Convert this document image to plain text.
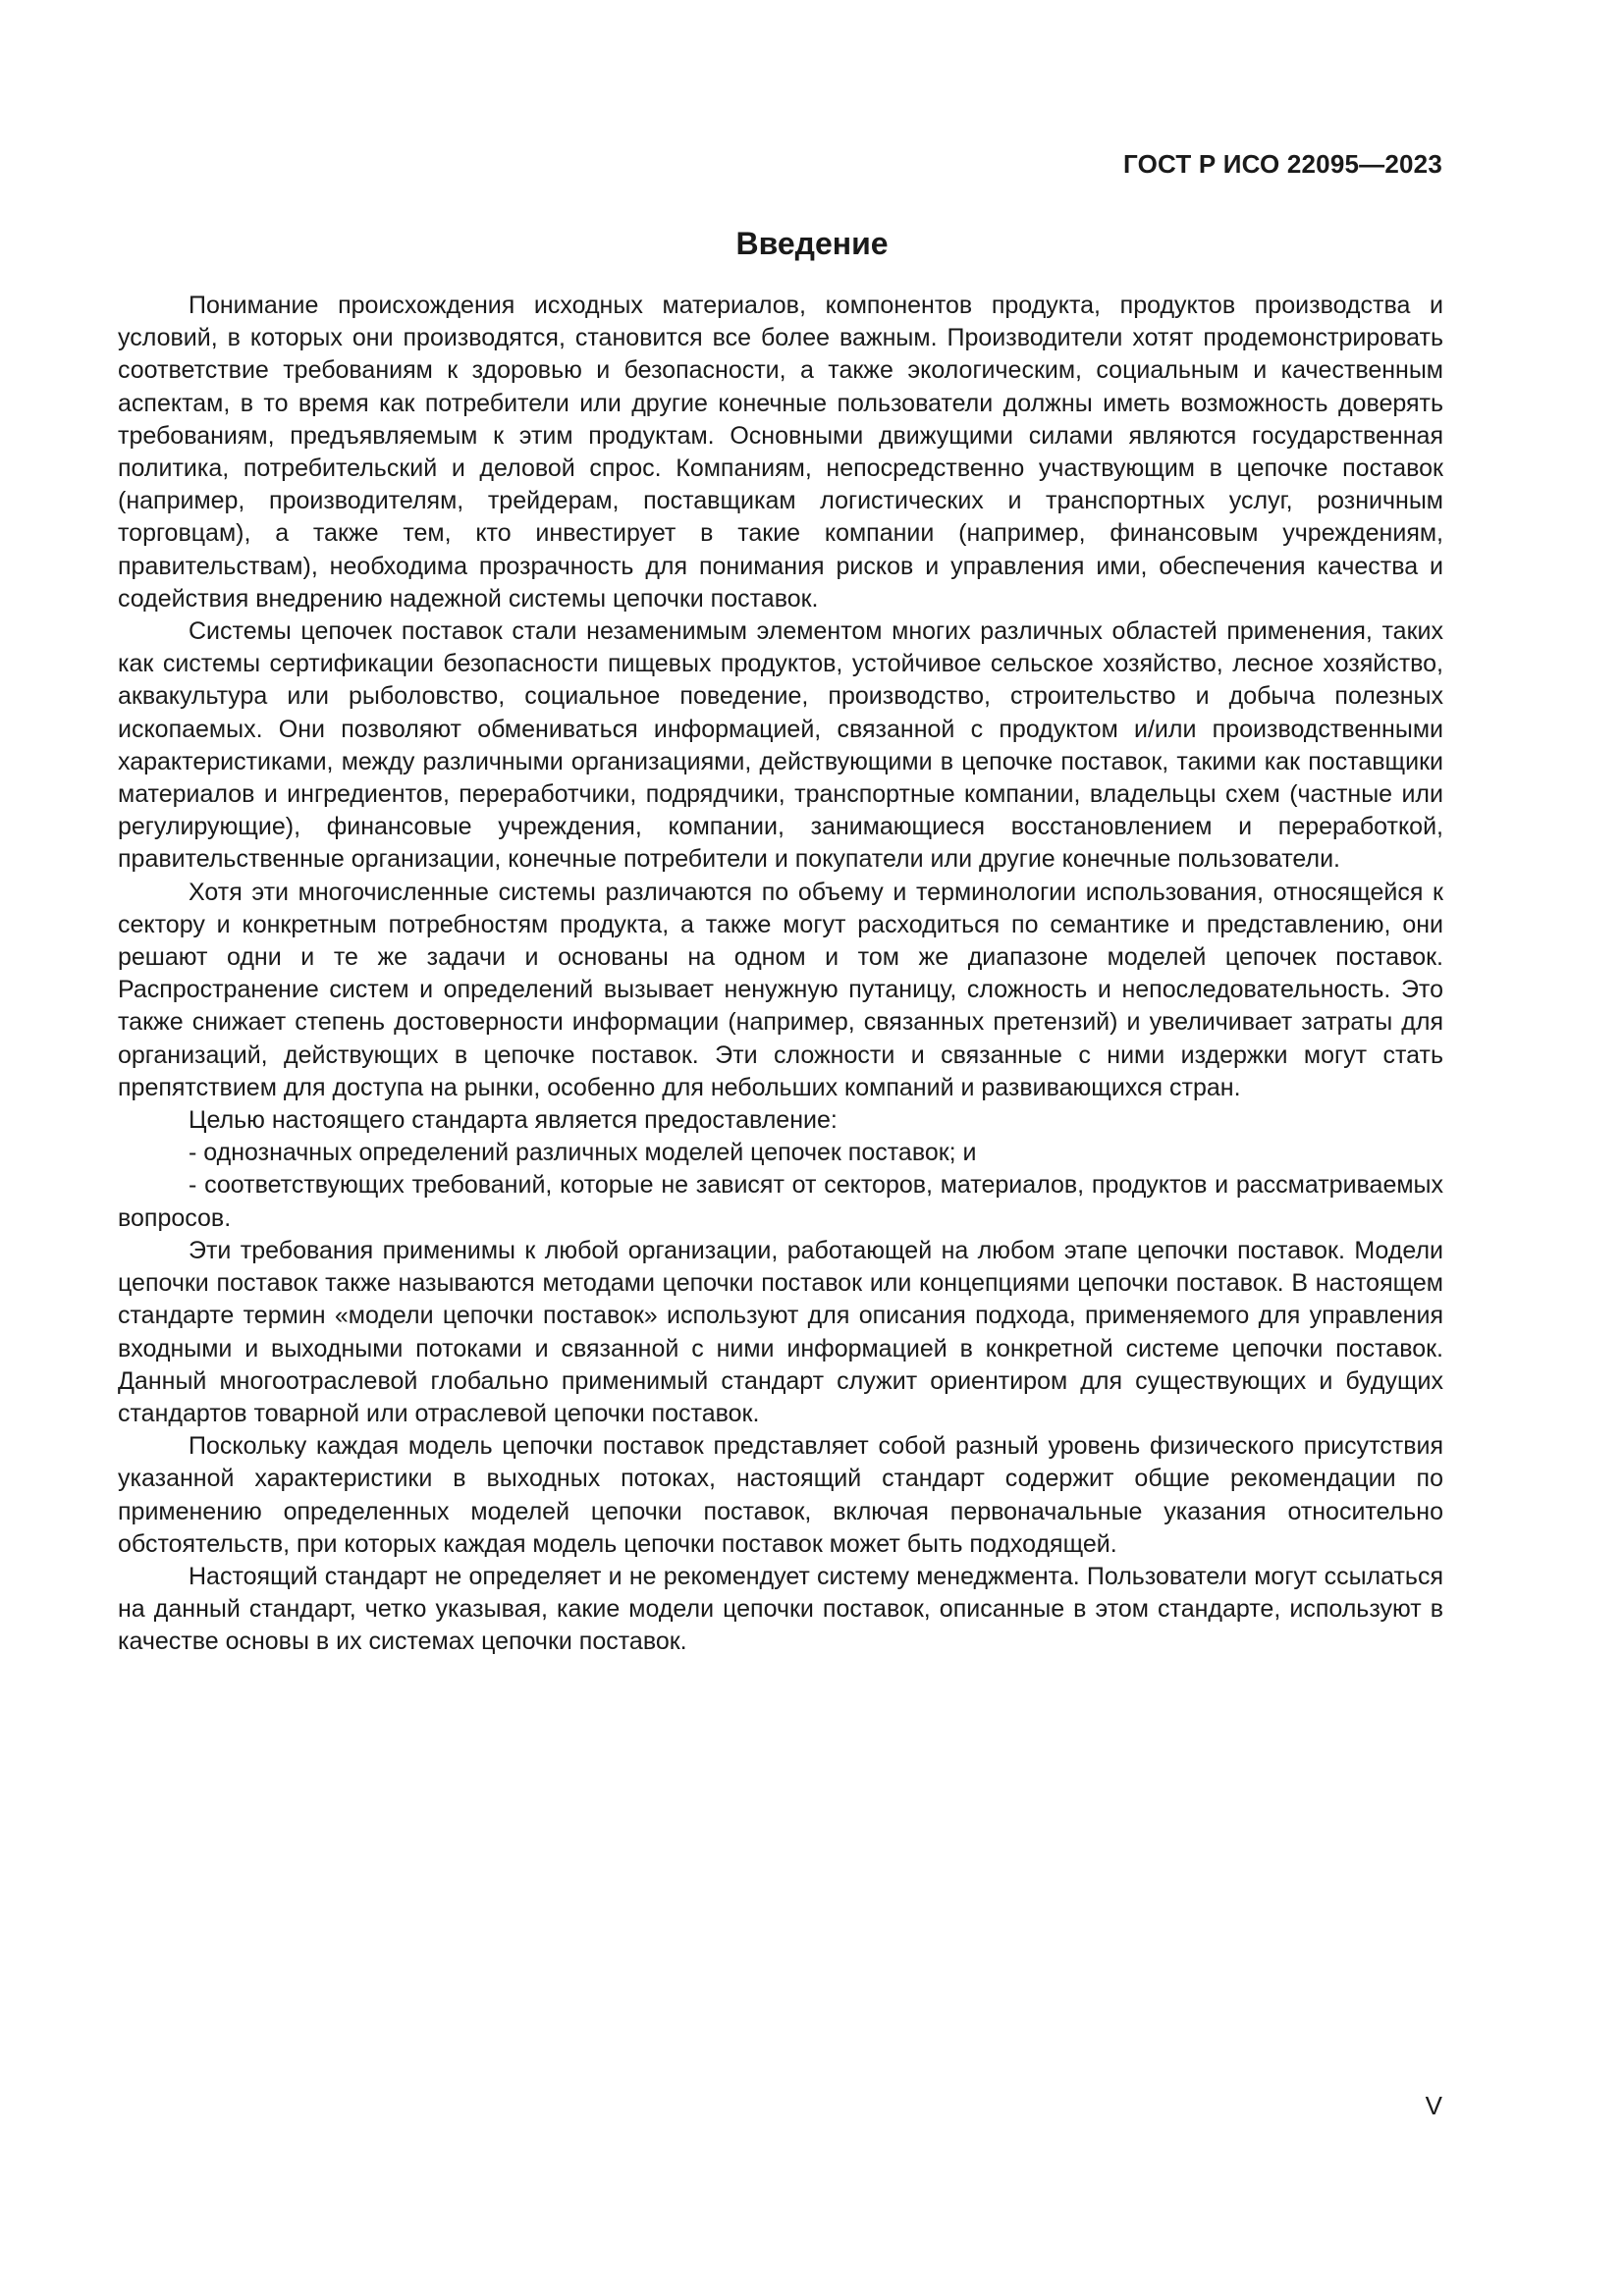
ГОСТ Р ИСО 22095—2023

Введение

Понимание происхождения исходных материалов, компонентов продукта, продуктов производства и условий, в которых они производятся, становится все более важным. Производители хотят продемонстрировать соответствие требованиям к здоровью и безопасности, а также экологическим, социальным и качественным аспектам, в то время как потребители или другие конечные пользователи должны иметь возможность доверять требованиям, предъявляемым к этим продуктам. Основными движущими силами являются государственная политика, потребительский и деловой спрос. Компаниям, непосредственно участвующим в цепочке поставок (например, производителям, трейдерам, поставщикам логистических и транспортных услуг, розничным торговцам), а также тем, кто инвестирует в такие компании (например, финансовым учреждениям, правительствам), необходима прозрачность для понимания рисков и управления ими, обеспечения качества и содействия внедрению надежной системы цепочки поставок.

Системы цепочек поставок стали незаменимым элементом многих различных областей применения, таких как системы сертификации безопасности пищевых продуктов, устойчивое сельское хозяйство, лесное хозяйство, аквакультура или рыболовство, социальное поведение, производство, строительство и добыча полезных ископаемых. Они позволяют обмениваться информацией, связанной с продуктом и/или производственными характеристиками, между различными организациями, действующими в цепочке поставок, такими как поставщики материалов и ингредиентов, переработчики, подрядчики, транспортные компании, владельцы схем (частные или регулирующие), финансовые учреждения, компании, занимающиеся восстановлением и переработкой, правительственные организации, конечные потребители и покупатели или другие конечные пользователи.

Хотя эти многочисленные системы различаются по объему и терминологии использования, относящейся к сектору и конкретным потребностям продукта, а также могут расходиться по семантике и представлению, они решают одни и те же задачи и основаны на одном и том же диапазоне моделей цепочек поставок. Распространение систем и определений вызывает ненужную путаницу, сложность и непоследовательность. Это также снижает степень достоверности информации (например, связанных претензий) и увеличивает затраты для организаций, действующих в цепочке поставок. Эти сложности и связанные с ними издержки могут стать препятствием для доступа на рынки, особенно для небольших компаний и развивающихся стран.

Целью настоящего стандарта является предоставление:

- однозначных определений различных моделей цепочек поставок; и

- соответствующих требований, которые не зависят от секторов, материалов, продуктов и рассматриваемых вопросов.

Эти требования применимы к любой организации, работающей на любом этапе цепочки поставок. Модели цепочки поставок также называются методами цепочки поставок или концепциями цепочки поставок. В настоящем стандарте термин «модели цепочки поставок» используют для описания подхода, применяемого для управления входными и выходными потоками и связанной с ними информацией в конкретной системе цепочки поставок. Данный многоотраслевой глобально применимый стандарт служит ориентиром для существующих и будущих стандартов товарной или отраслевой цепочки поставок.

Поскольку каждая модель цепочки поставок представляет собой разный уровень физического присутствия указанной характеристики в выходных потоках, настоящий стандарт содержит общие рекомендации по применению определенных моделей цепочки поставок, включая первоначальные указания относительно обстоятельств, при которых каждая модель цепочки поставок может быть подходящей.

Настоящий стандарт не определяет и не рекомендует систему менеджмента. Пользователи могут ссылаться на данный стандарт, четко указывая, какие модели цепочки поставок, описанные в этом стандарте, используют в качестве основы в их системах цепочки поставок.

V
